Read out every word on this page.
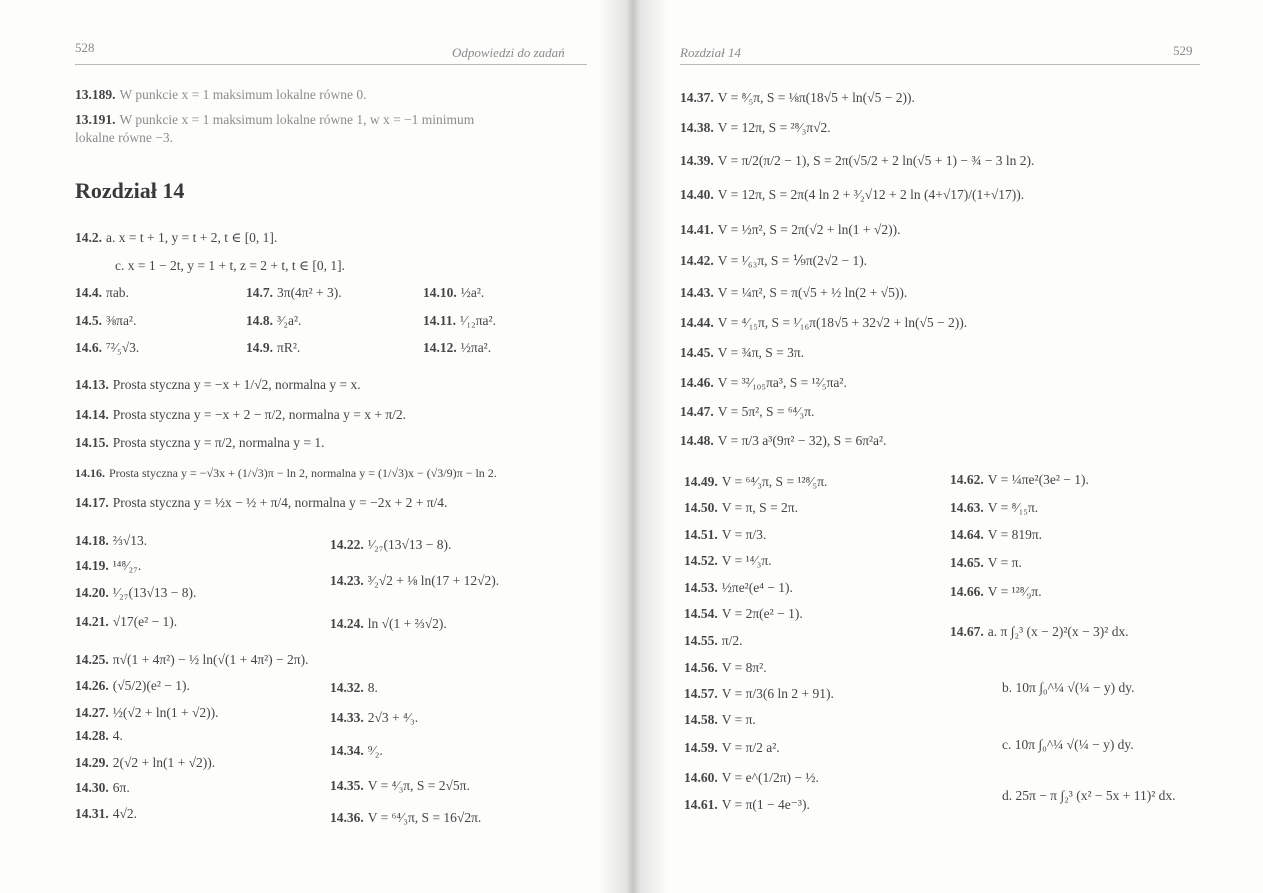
528	Odpowiedzi do zadań
13.189. W punkcie x = 1 maksimum lokalne równe 0.
13.191. W punkcie x = 1 maksimum lokalne równe 1, w x = −1 minimum
lokalne równe −3.
Rozdział 14
14.2. a. x = t + 1, y = t + 2, t ∈ [0, 1].
c. x = 1 − 2t, y = 1 + t, z = 2 + t, t ∈ [0, 1].
14.4. πab.	14.7. 3π(4π² + 3).	14.10. ½a².
14.5. ⅜πa².	14.8. ³⁄₂a².	14.11. ¹⁄₁₂πa².
14.6. ⁷²⁄₅√3.	14.9. πR².	14.12. ½πa².
14.13. Prosta styczna y = −x + 1/√2, normalna y = x.
14.14. Prosta styczna y = −x + 2 − π/2, normalna y = x + π/2.
14.15. Prosta styczna y = π/2, normalna y = 1.
14.16. Prosta styczna y = −√3x + (1/√3)π − ln 2, normalna y = (1/√3)x − (√3/9)π − ln 2.
14.17. Prosta styczna y = ½x − ½ + π/4, normalna y = −2x + 2 + π/4.
14.18. ⅔√13.	14.22. ¹⁄₂₇(13√13 − 8).
14.19. ¹⁴⁸⁄₂₇.
14.23. ³⁄₂√2 + ⅛ ln(17 + 12√2).
14.20. ¹⁄₂₇(13√13 − 8).
14.21. √17(e² − 1).	14.24. ln √(1 + ⅔√2).
14.25. π√(1 + 4π²) − ½ ln(√(1 + 4π²) − 2π).
14.26. (√5/2)(e² − 1).	14.32. 8.
14.27. ½(√2 + ln(1 + √2)).	14.33. 2√3 + ⁴⁄₃.
14.28. 4.
14.34. ⁹⁄₂.
14.29. 2(√2 + ln(1 + √2)).
14.30. 6π.	14.35. V = ⁴⁄₃π, S = 2√5π.
14.31. 4√2.	14.36. V = ⁶⁴⁄₃π, S = 16√2π.
Rozdział 14	529
14.37. V = ⁸⁄₅π, S = ⅛π(18√5 + ln(√5 − 2)).
14.38. V = 12π, S = ²⁸⁄₃π√2.
14.39. V = π/2(π/2 − 1), S = 2π(√5/2 + 2 ln(√5 + 1) − ¾ − 3 ln 2).
14.40. V = 12π, S = 2π(4 ln 2 + ³⁄₂√12 + 2 ln (4+√17)/(1+√17)).
14.41. V = ½π², S = 2π(√2 + ln(1 + √2)).
14.42. V = ¹⁄₆₃π, S = ⅑π(2√2 − 1).
14.43. V = ¼π², S = π(√5 + ½ ln(2 + √5)).
14.44. V = ⁴⁄₁₅π, S = ¹⁄₁₆π(18√5 + 32√2 + ln(√5 − 2)).
14.45. V = ¾π, S = 3π.
14.46. V = ³²⁄₁₀₅πa³, S = ¹²⁄₅πa².
14.47. V = 5π², S = ⁶⁴⁄₃π.
14.48. V = π/3 a³(9π² − 32), S = 6π²a².
14.49. V = ⁶⁴⁄₃π, S = ¹²⁸⁄₅π.	14.62. V = ¼πe²(3e² − 1).
14.50. V = π, S = 2π.	14.63. V = ⁸⁄₁₅π.
14.51. V = π/3.	14.64. V = 819π.
14.52. V = ¹⁴⁄₃π.	14.65. V = π.
14.53. ½πe²(e⁴ − 1).	14.66. V = ¹²⁸⁄₉π.
14.54. V = 2π(e² − 1).
14.67. a. π ∫₂³ (x − 2)²(x − 3)² dx.
14.55. π/2.
14.56. V = 8π².
b. 10π ∫₀^¼ √(¼ − y) dy.
14.57. V = π/3(6 ln 2 + 91).
14.58. V = π.
c. 10π ∫₀^¼ √(¼ − y) dy.
14.59. V = π/2 a².
14.60. V = e^(1/2π) − ½.
d. 25π − π ∫₂³ (x² − 5x + 11)² dx.
14.61. V = π(1 − 4e⁻³).
